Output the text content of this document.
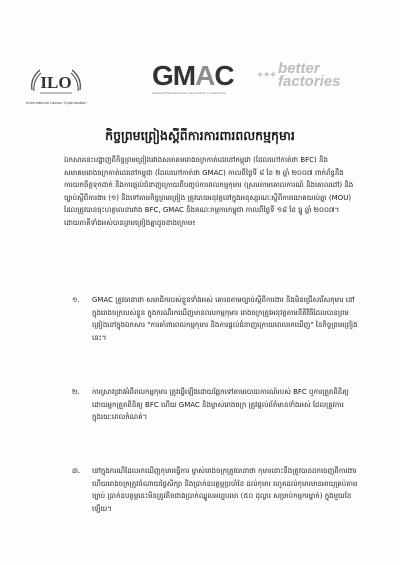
ILO
International Labour Organization
G M A C
Garment Manufacturers Association in Cambodia
✦✦✦ better
factories
កិច្ចព្រមព្រៀងស្តីពីការការពារពលកម្មកុមារ
ឯកសារនេះបង្ហាញពីកិច្ចព្រមព្រៀងរវាងសមាគមរោងចក្រកាត់ដេរនៅកម្ពុជា (ដែលហៅកាត់ថា BFC) និងសមាគមរោងចក្រកាត់ដេរនៅកម្ពុជា (ដែលហៅកាត់ថា GMAC) កាលពីថ្ងៃទី ៨ ខែ ២ ឆ្នាំ ២០០៧ ពាក់ព័ន្ធនឹងការយកចិត្តទុកដាក់ និងការផ្តល់ជំនាញក្រោយពីបញ្ចប់ការពលកម្មកុមារ (ស្របតាមគោលការណ៍ និងគោលដៅ) និងច្បាប់ស្តីពីការងារ (១) និងទៅតាមកិច្ចព្រមព្រៀង ត្រូវបានអនុវត្តនៅក្នុងអនុស្សរណៈស្តីពីការយោគយល់គ្នា (MOU) ដែលត្រូវបានចុះហត្ថលេខារវាង BFC, GMAC និងគណៈកម្មការកម្ពុជា កាលពីថ្ងៃទី ១៨ ខែ ធ្នូ ឆ្នាំ ២០០៧។ ដោយភាគីទាំងអស់បានព្រមព្រៀងគ្នាដូចខាងក្រោម៖
១.	GMAC ត្រូវធានាថា សមាជិករបស់ខ្លួនទាំងអស់ គោរពតាមច្បាប់ស្តីពីការងារ និងមិនជ្រើសរើសកុមារ នៅក្នុងរោងចក្ររបស់ខ្លួន ក្នុងករណីរកឃើញមានពលកម្មកុមារ រោងចក្រត្រូវអនុវត្តតាមនីតិវិធីដែលបានព្រមព្រៀងនៅក្នុងឯកសារ "ការគាំពារពលកម្មកុមារ និងការផ្តល់ជំនាញក្រោយពេលរកឃើញ" នៃកិច្ចព្រមព្រៀងនេះ។
២.	ការស្រាវជ្រាវអំពីពលកម្មកុមារ ត្រូវធ្វើឡើងដោយផ្អែកទៅតាមរបាយការណ៍របស់ BFC ឬការត្រួតពិនិត្យដោយអ្នកត្រួតពិនិត្យ BFC ហើយ GMAC និងម្ចាស់រោងចក្រ ត្រូវផ្តល់ព័ត៌មានទាំងអស់ ដែលត្រូវការ ក្នុងរយៈពេលកំណត់។
៣. នៅក្នុងករណីដែលរកឃើញកុមារធ្វើការ ម្ចាស់រោងចក្រត្រូវធានាថា កុមារនោះនឹងត្រូវបានដកចេញពីការងារ ហើយរោងចក្រត្រូវចំណាយថ្លៃសិក្សា និងប្រាក់ឧបត្ថម្ភប្រចាំខែ ដល់កុមារ រហូតដល់កុមារមានអាយុគ្រប់តាមច្បាប់ ប្រាក់ឧបត្ថម្ភនេះមិនត្រូវតិចជាងប្រាក់ឈ្នួលអប្បបរមា (៥០ ដុល្លារ សម្រាប់កម្មករម្នាក់) ក្នុងមួយខែឡើយ។
